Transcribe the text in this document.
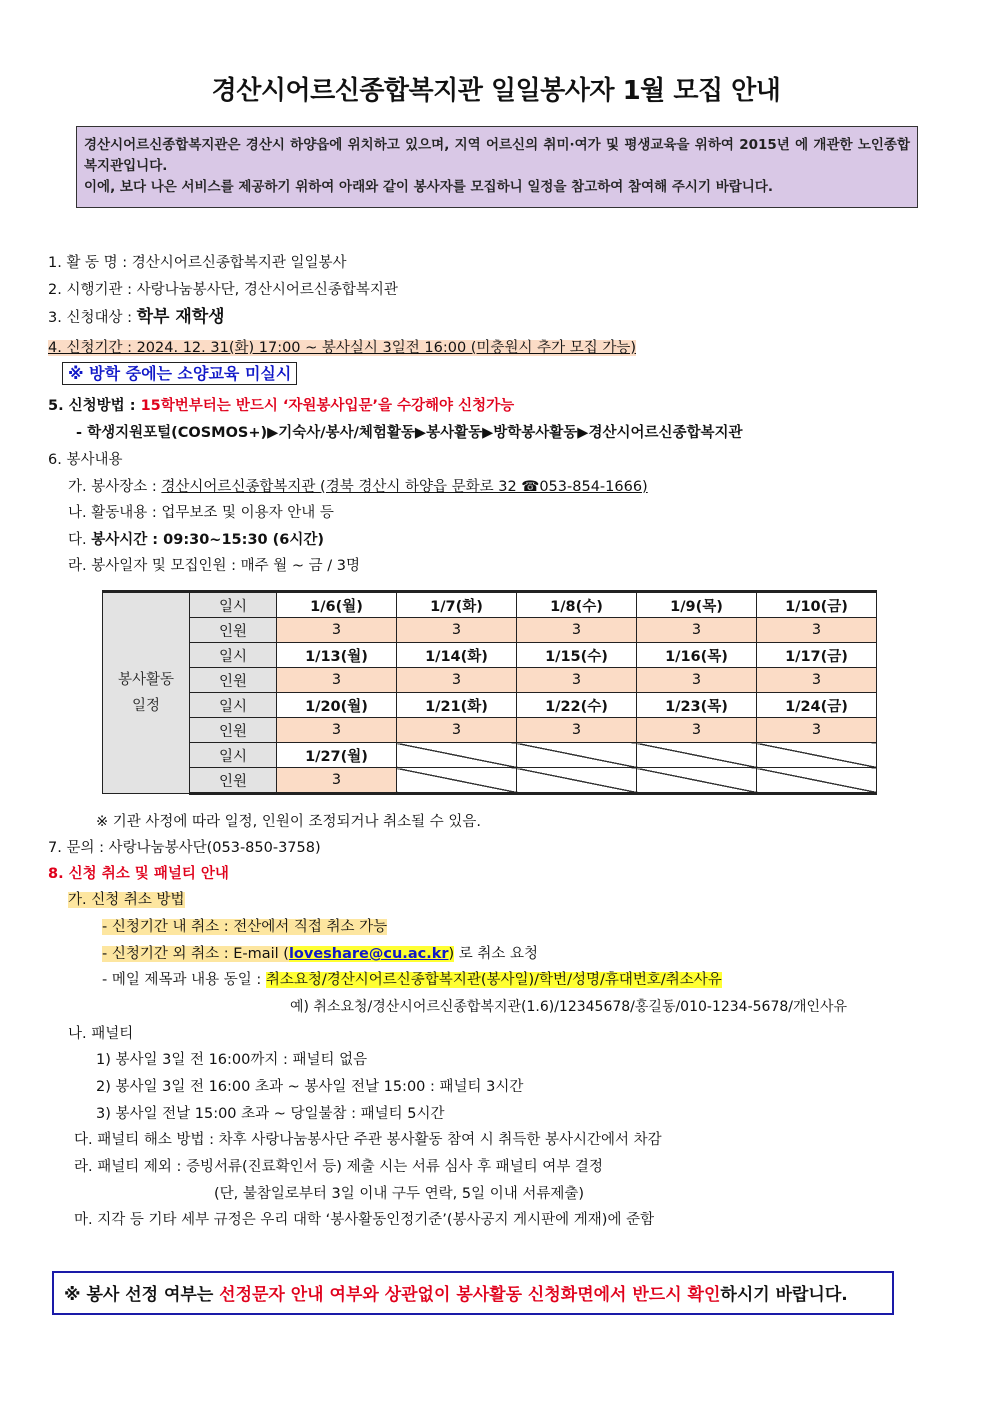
경산시어르신종합복지관 일일봉사자 1월 모집 안내

경산시어르신종합복지관은 경산시 하양읍에 위치하고 있으며, 지역 어르신의 취미·여가 및 평생교육을 위하여 2015년 에 개관한 노인종합복지관입니다.

이에, 보다 나은 서비스를 제공하기 위하여 아래와 같이 봉사자를 모집하니 일정을 참고하여 참여해 주시기 바랍니다.

1. 활 동 명 : 경산시어르신종합복지관 일일봉사
2. 시행기관 : 사랑나눔봉사단, 경산시어르신종합복지관
3. 신청대상 : 학부 재학생
4. 신청기간 : 2024. 12. 31(화) 17:00 ~ 봉사실시 3일전 16:00 (미충원시 추가 모집 가능)
※ 방학 중에는 소양교육 미실시
5. 신청방법 : 15학번부터는 반드시 ‘자원봉사입문’을 수강해야 신청가능
- 학생지원포털(COSMOS+)▶기숙사/봉사/체험활동▶봉사활동▶방학봉사활동▶경산시어르신종합복지관
6. 봉사내용
가. 봉사장소 : 경산시어르신종합복지관 (경북 경산시 하양읍 문화로 32 ☎053-854-1666)
나. 활동내용 : 업무보조 및 이용자 안내 등
다. 봉사시간 : 09:30~15:30 (6시간)
라. 봉사일자 및 모집인원 : 매주 월 ~ 금 / 3명
봉사활동
일정	일시	1/6(월)	1/7(화)	1/8(수)	1/9(목)	1/10(금)
	인원	3	3	3	3	3
	일시	1/13(월)	1/14(화)	1/15(수)	1/16(목)	1/17(금)
	인원	3	3	3	3	3
	일시	1/20(월)	1/21(화)	1/22(수)	1/23(목)	1/24(금)
	인원	3	3	3	3	3
	일시	1/27(월)				
	인원	3				
※ 기관 사정에 따라 일정, 인원이 조정되거나 취소될 수 있음.
7. 문의 : 사랑나눔봉사단(053-850-3758)
8. 신청 취소 및 패널티 안내
가. 신청 취소 방법
- 신청기간 내 취소 : 전산에서 직접 취소 가능
- 신청기간 외 취소 : E-mail (loveshare@cu.ac.kr) 로 취소 요청
- 메일 제목과 내용 동일 : 취소요청/경산시어르신종합복지관(봉사일)/학번/성명/휴대번호/취소사유
예) 취소요청/경산시어르신종합복지관(1.6)/12345678/홍길동/010-1234-5678/개인사유
나. 패널티
1) 봉사일 3일 전 16:00까지 : 패널티 없음
2) 봉사일 3일 전 16:00 초과 ~ 봉사일 전날 15:00 : 패널티 3시간
3) 봉사일 전날 15:00 초과 ~ 당일불참 : 패널티 5시간
다. 패널티 해소 방법 : 차후 사랑나눔봉사단 주관 봉사활동 참여 시 취득한 봉사시간에서 차감
라. 패널티 제외 : 증빙서류(진료확인서 등) 제출 시는 서류 심사 후 패널티 여부 결정
(단, 불참일로부터 3일 이내 구두 연락, 5일 이내 서류제출)
마. 지각 등 기타 세부 규정은 우리 대학 ‘봉사활동인정기준’(봉사공지 게시판에 게재)에 준함
※ 봉사 선정 여부는 선정문자 안내 여부와 상관없이 봉사활동 신청화면에서 반드시 확인하시기 바랍니다.
